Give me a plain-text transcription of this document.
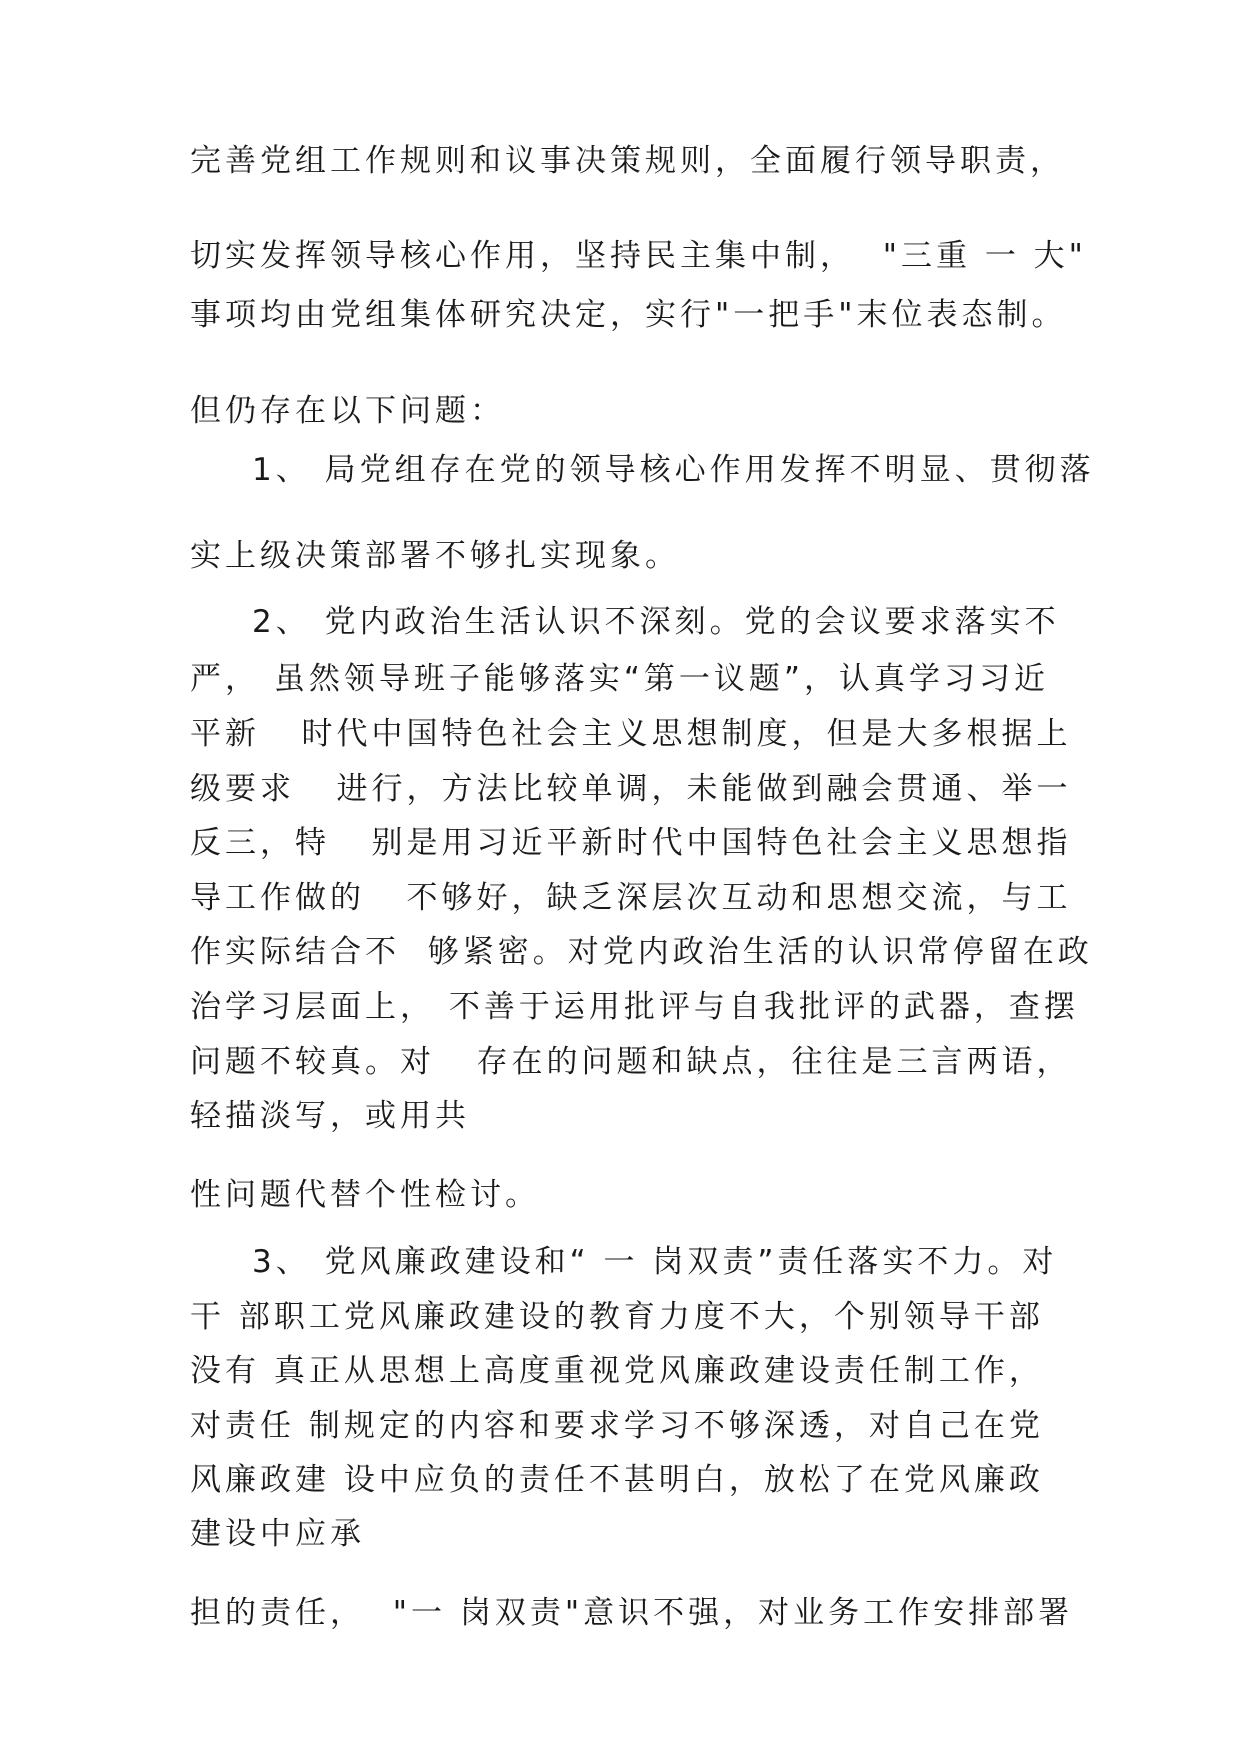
完善党组工作规则和议事决策规则，全面履行领导职责，
切实发挥领导核心作用，坚持民主集中制，  "三重 一 大"
事项均由党组集体研究决定，实行"一把手"末位表态制。
但仍存在以下问题：
1、 局党组存在党的领导核心作用发挥不明显、贯彻落
实上级决策部署不够扎实现象。
2、 党内政治生活认识不深刻。党的会议要求落实不
严， 虽然领导班子能够落实“第一议题”，认真学习习近
平新   时代中国特色社会主义思想制度，但是大多根据上
级要求   进行，方法比较单调，未能做到融会贯通、举一
反三，特   别是用习近平新时代中国特色社会主义思想指
导工作做的   不够好，缺乏深层次互动和思想交流，与工
作实际结合不  够紧密。对党内政治生活的认识常停留在政
治学习层面上， 不善于运用批评与自我批评的武器，查摆
问题不较真。对   存在的问题和缺点，往往是三言两语，
轻描淡写，或用共
性问题代替个性检讨。
3、 党风廉政建设和“ 一 岗双责”责任落实不力。对
干 部职工党风廉政建设的教育力度不大，个别领导干部
没有 真正从思想上高度重视党风廉政建设责任制工作，
对责任 制规定的内容和要求学习不够深透，对自己在党
风廉政建 设中应负的责任不甚明白，放松了在党风廉政
建设中应承
担的责任，  "一 岗双责"意识不强，对业务工作安排部署
